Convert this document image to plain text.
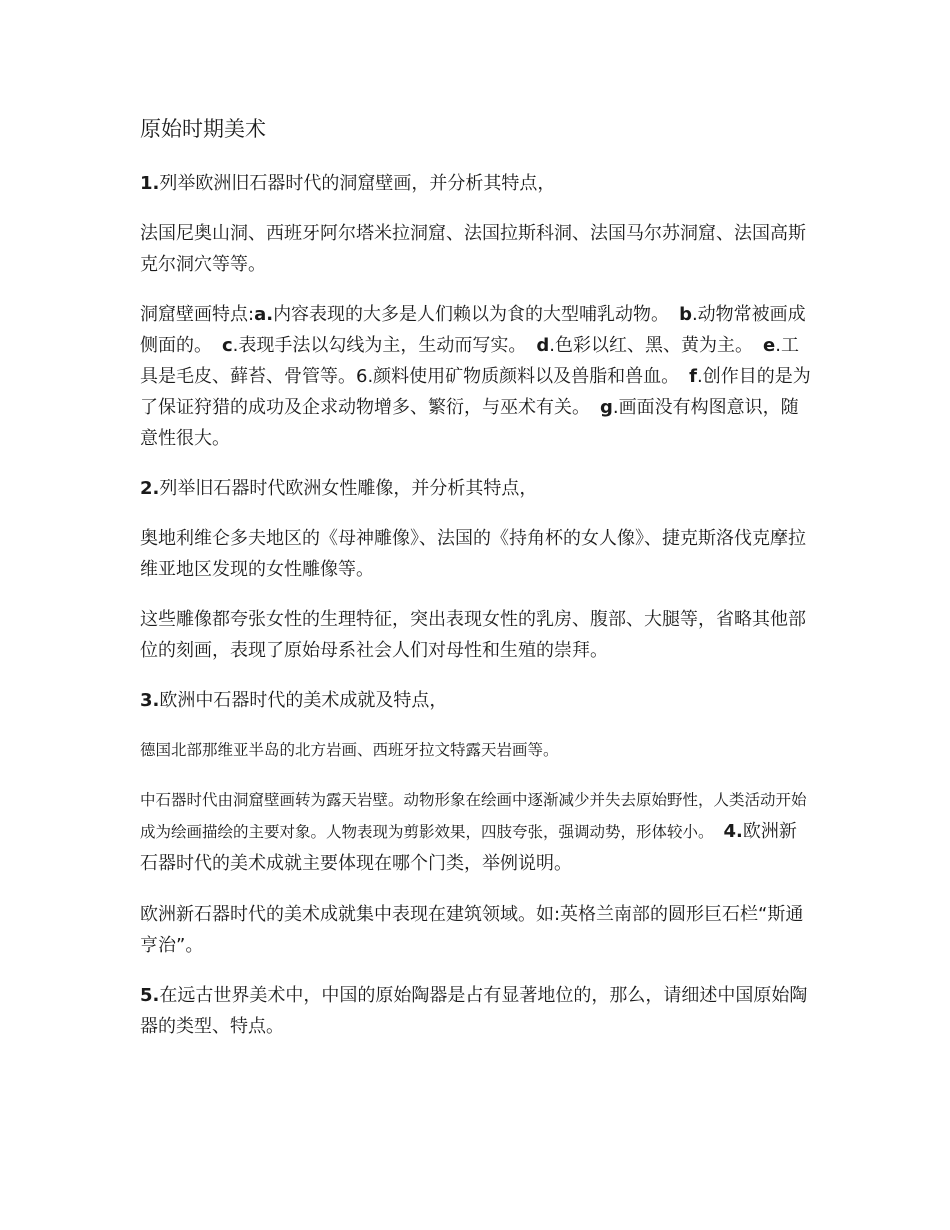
原始时期美术

1.列举欧洲旧石器时代的洞窟壁画，并分析其特点，

法国尼奥山洞、西班牙阿尔塔米拉洞窟、法国拉斯科洞、法国马尔苏洞窟、法国高斯克尔洞穴等等。

洞窟壁画特点:a.内容表现的大多是人们赖以为食的大型哺乳动物。 b.动物常被画成侧面的。 c.表现手法以勾线为主，生动而写实。 d.色彩以红、黑、黄为主。 e.工具是毛皮、藓苔、骨管等。6.颜料使用矿物质颜料以及兽脂和兽血。 f.创作目的是为了保证狩猎的成功及企求动物增多、繁衍，与巫术有关。 g.画面没有构图意识，随意性很大。

2.列举旧石器时代欧洲女性雕像，并分析其特点，

奥地利维仑多夫地区的《母神雕像》、法国的《持角杯的女人像》、捷克斯洛伐克摩拉维亚地区发现的女性雕像等。

这些雕像都夸张女性的生理特征，突出表现女性的乳房、腹部、大腿等，省略其他部位的刻画，表现了原始母系社会人们对母性和生殖的崇拜。

3.欧洲中石器时代的美术成就及特点，

德国北部那维亚半岛的北方岩画、西班牙拉文特露天岩画等。

中石器时代由洞窟壁画转为露天岩壁。动物形象在绘画中逐渐减少并失去原始野性，人类活动开始成为绘画描绘的主要对象。人物表现为剪影效果，四肢夸张，强调动势，形体较小。 4.欧洲新石器时代的美术成就主要体现在哪个门类，举例说明。

欧洲新石器时代的美术成就集中表现在建筑领域。如:英格兰南部的圆形巨石栏“斯通亨治”。

5.在远古世界美术中，中国的原始陶器是占有显著地位的，那么，请细述中国原始陶器的类型、特点。
